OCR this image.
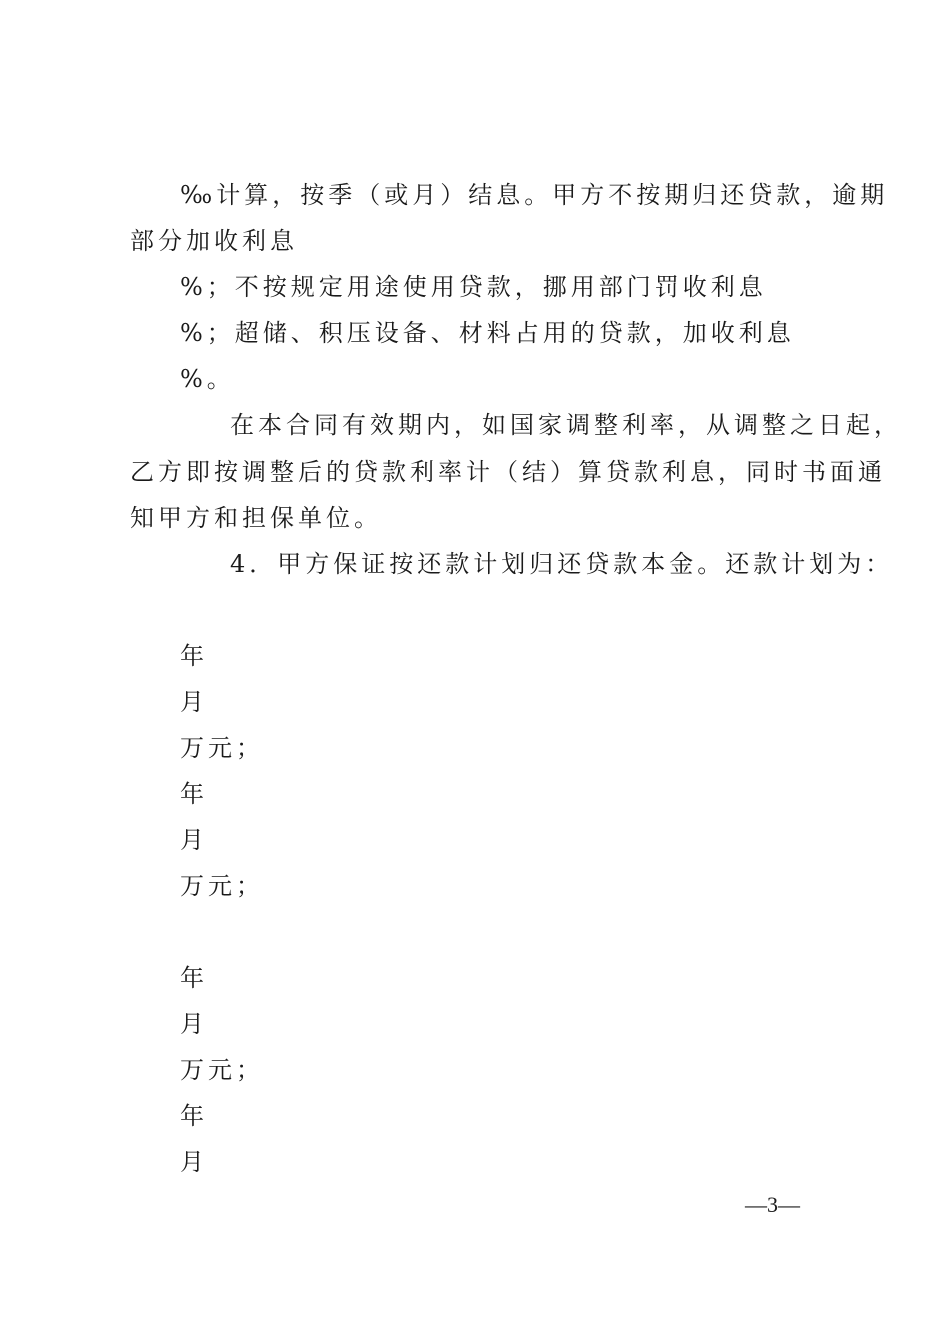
‰计算，按季（或月）结息。甲方不按期归还贷款，逾期
部分加收利息
%；不按规定用途使用贷款，挪用部门罚收利息
%；超储、积压设备、材料占用的贷款，加收利息
%。
在本合同有效期内，如国家调整利率，从调整之日起，
乙方即按调整后的贷款利率计（结）算贷款利息，同时书面通
知甲方和担保单位。
4．甲方保证按还款计划归还贷款本金。还款计划为：
年
月
万元；
年
月
万元；
年
月
万元；
年
月
—3—
